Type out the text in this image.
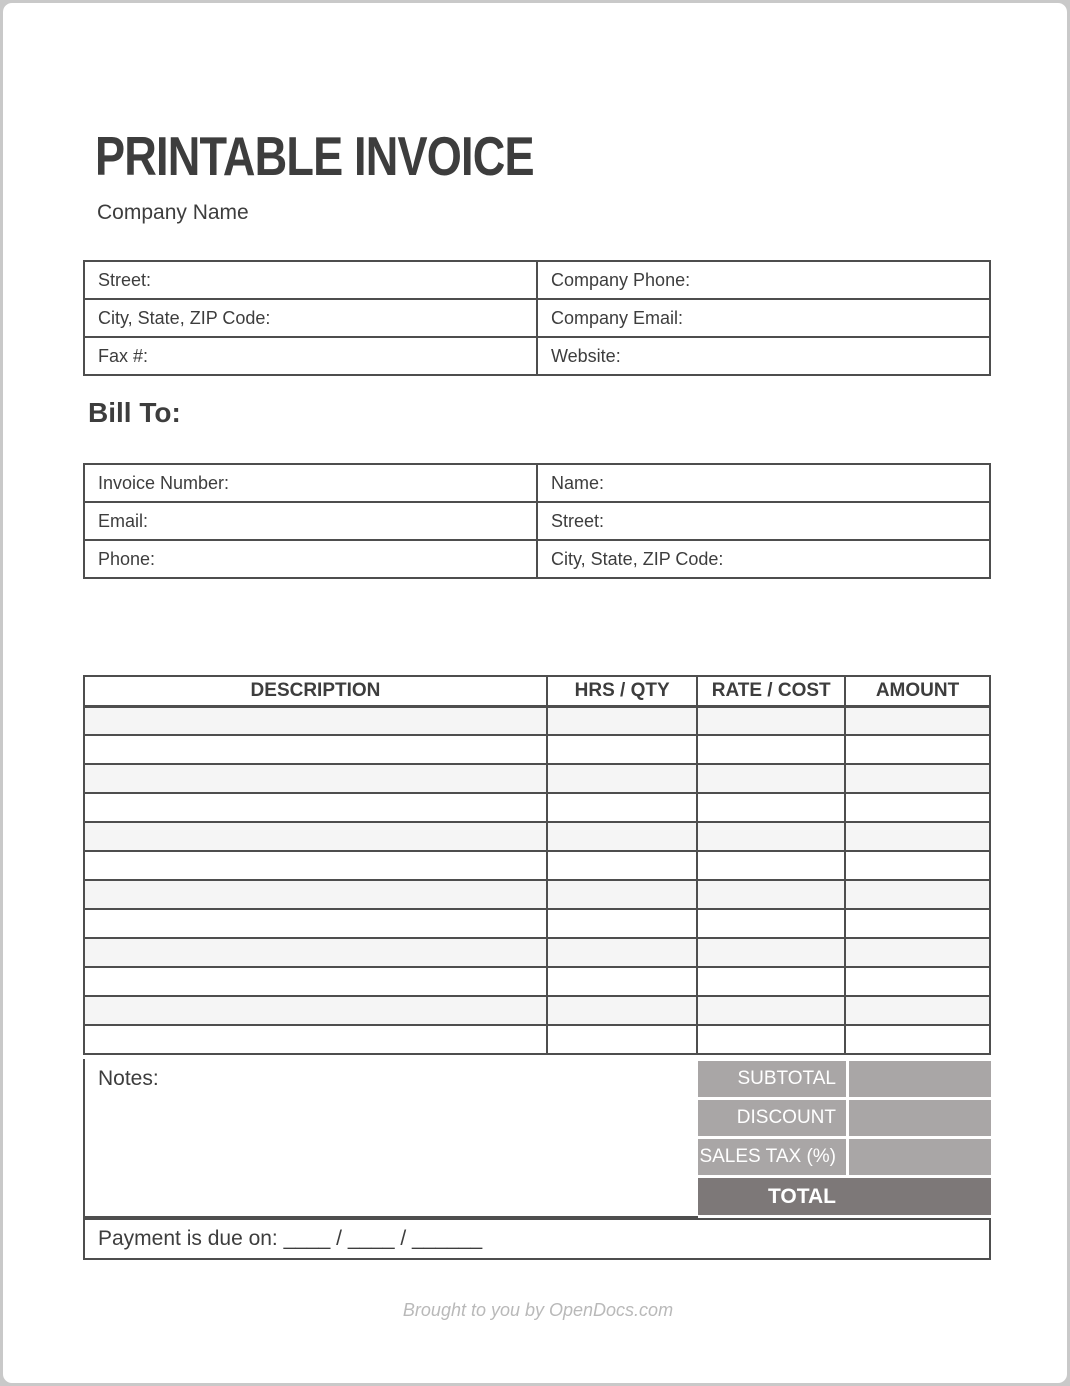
PRINTABLE INVOICE
Company Name
Street:	Company Phone:
City, State, ZIP Code:	Company Email:
Fax #:	Website:
Bill To:
Invoice Number:	Name:
Email:	Street:
Phone:	City, State, ZIP Code:
DESCRIPTION	HRS / QTY	RATE / COST	AMOUNT

Notes:	SUBTOTAL
DISCOUNT
SALES TAX (%)
TOTAL
Payment is due on: ____ / ____ / ______
Brought to you by OpenDocs.com
